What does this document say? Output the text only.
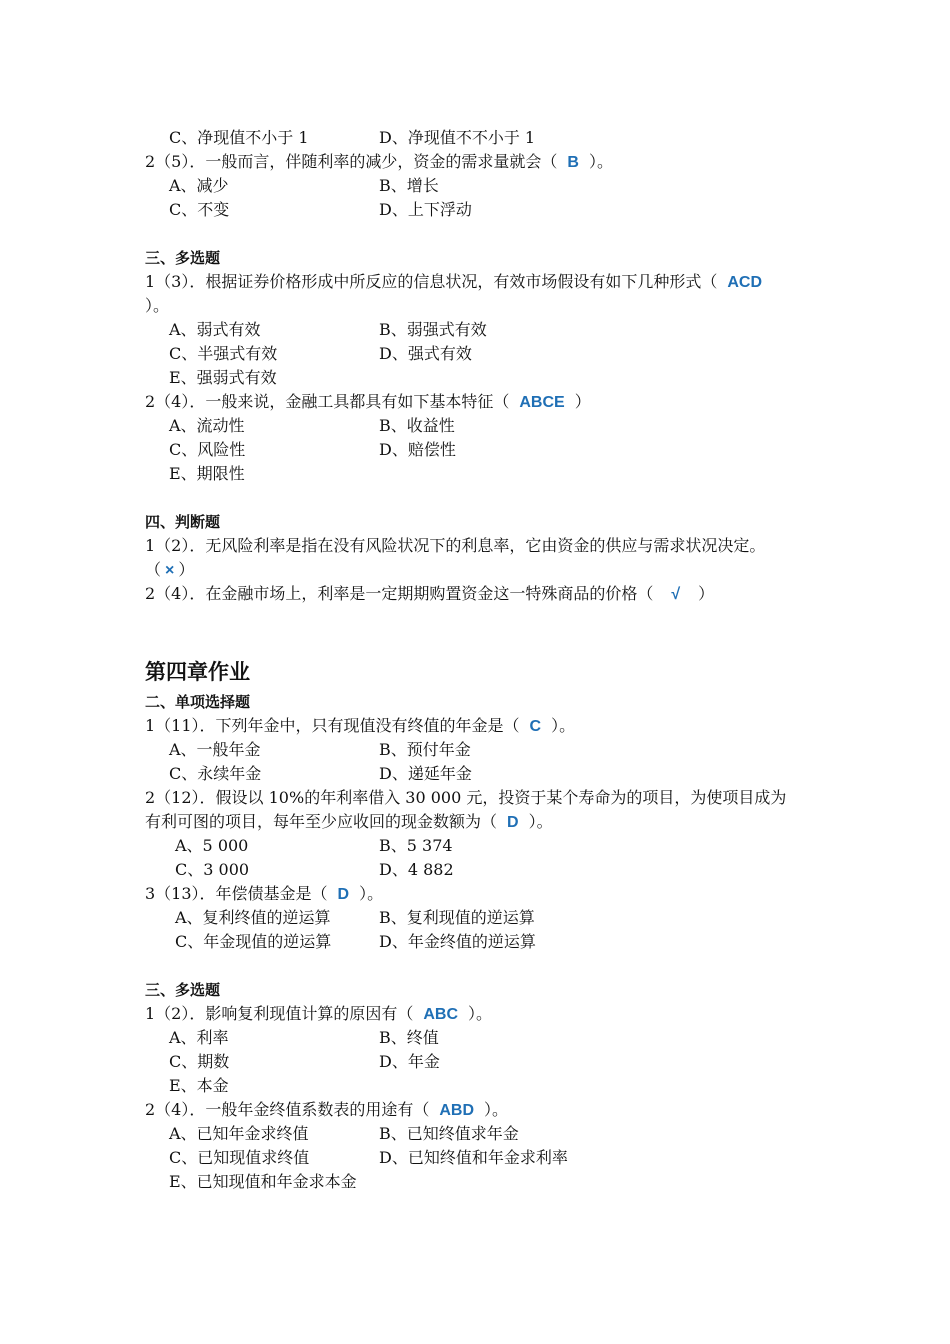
C、净现值不小于 1	D、净现值不不小于 1
2（5）．一般而言，伴随利率的减少，资金的需求量就会（ B ）。
A、减少	B、增长
C、不变	D、上下浮动
三、多选题
1（3）．根据证券价格形成中所反应的信息状况，有效市场假设有如下几种形式（ ACD
）。
A、弱式有效	B、弱强式有效
C、半强式有效	D、强式有效
E、强弱式有效
2（4）．一般来说，金融工具都具有如下基本特征（ ABCE ）
A、流动性	B、收益性
C、风险性	D、赔偿性
E、期限性
四、判断题
1（2）．无风险利率是指在没有风险状况下的利息率，它由资金的供应与需求状况决定。
（ × ）
2（4）．在金融市场上，利率是一定期期购置资金这一特殊商品的价格（ √ ）
第四章作业
二、单项选择题
1（11）．下列年金中，只有现值没有终值的年金是（ C ）。
A、一般年金	B、预付年金
C、永续年金	D、递延年金
2（12）．假设以 10%的年利率借入 30 000 元，投资于某个寿命为的项目，为使项目成为
有利可图的项目，每年至少应收回的现金数额为（ D ）。
A、5 000	B、5 374
C、3 000	D、4 882
3（13）．年偿债基金是（ D ）。
A、复利终值的逆运算	B、复利现值的逆运算
C、年金现值的逆运算	D、年金终值的逆运算
三、多选题
1（2）．影响复利现值计算的原因有（ ABC ）。
A、利率	B、终值
C、期数	D、年金
E、本金
2（4）．一般年金终值系数表的用途有（ ABD ）。
A、已知年金求终值	B、已知终值求年金
C、已知现值求终值	D、已知终值和年金求利率
E、已知现值和年金求本金
